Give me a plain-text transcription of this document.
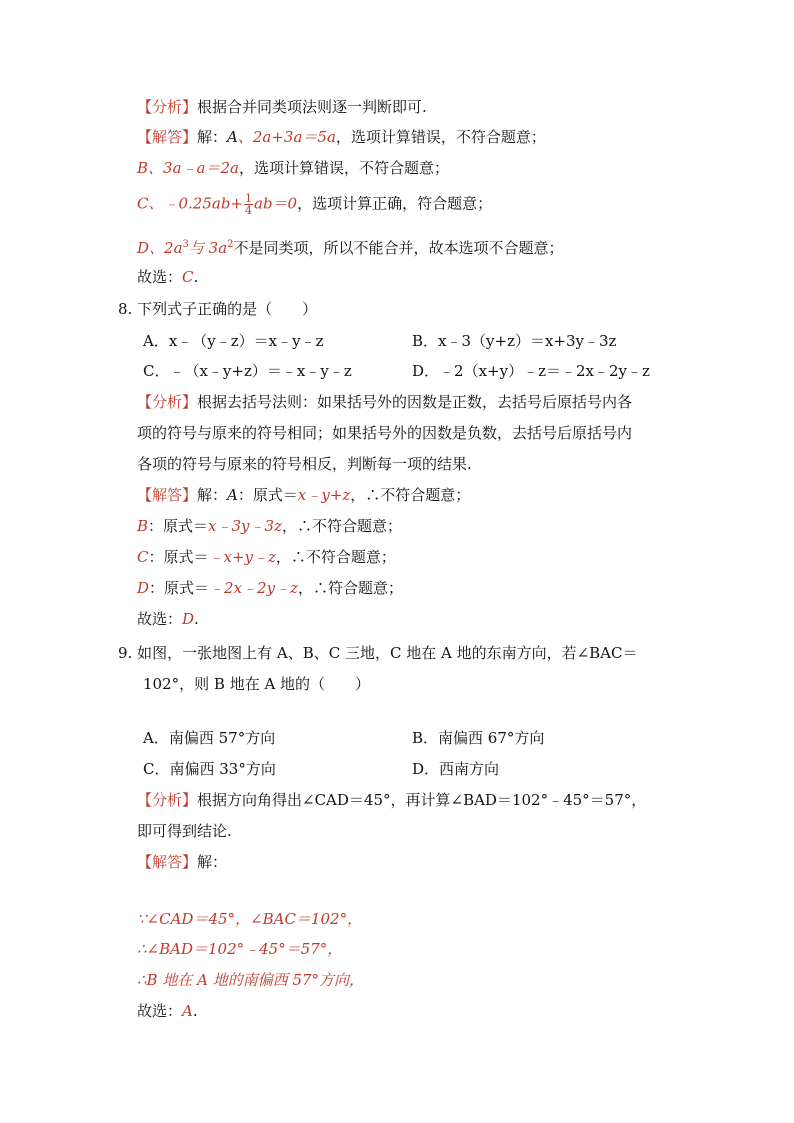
【分析】根据合并同类项法则逐一判断即可.
【解答】解：A、2a+3a＝5a，选项计算错误，不符合题意；
B、3a﹣a＝2a，选项计算错误，不符合题意；
C、﹣0.25ab+ $\frac{1}{4} ab=0$，选项计算正确，符合题意；
D、$2a^3$与 $3a^2$不是同类项，所以不能合并，故本选项不合题意；
故选：C.
8. 下列式子正确的是（　　）
A．x﹣（y﹣z）＝x﹣y﹣z	B．x﹣3（y+z）＝x+3y﹣3z
C．﹣（x﹣y+z）＝﹣x﹣y﹣z	D．﹣2（x+y）﹣z＝﹣2x﹣2y﹣z
【分析】根据去括号法则：如果括号外的因数是正数，去括号后原括号内各
项的符号与原来的符号相同；如果括号外的因数是负数，去括号后原括号内
各项的符号与原来的符号相反，判断每一项的结果.
【解答】解：A：原式＝x﹣y+z，∴不符合题意；
B：原式＝x﹣3y﹣3z，∴不符合题意；
C：原式＝﹣x+y﹣z，∴不符合题意；
D：原式＝﹣2x﹣2y﹣z，∴符合题意；
故选：D.
9. 如图，一张地图上有 A、B、C 三地，C 地在 A 地的东南方向，若∠BAC＝
102°，则 B 地在 A 地的（　　）
A．南偏西 57°方向	B．南偏西 67°方向
C．南偏西 33°方向	D．西南方向
【分析】根据方向角得出∠CAD＝45°，再计算∠BAD＝102°﹣45°＝57°，
即可得到结论.
【解答】解：
∵∠CAD＝45°，∠BAC＝102°，
∴∠BAD＝102°﹣45°＝57°，
∴B 地在 A 地的南偏西 57°方向，
故选：A.
